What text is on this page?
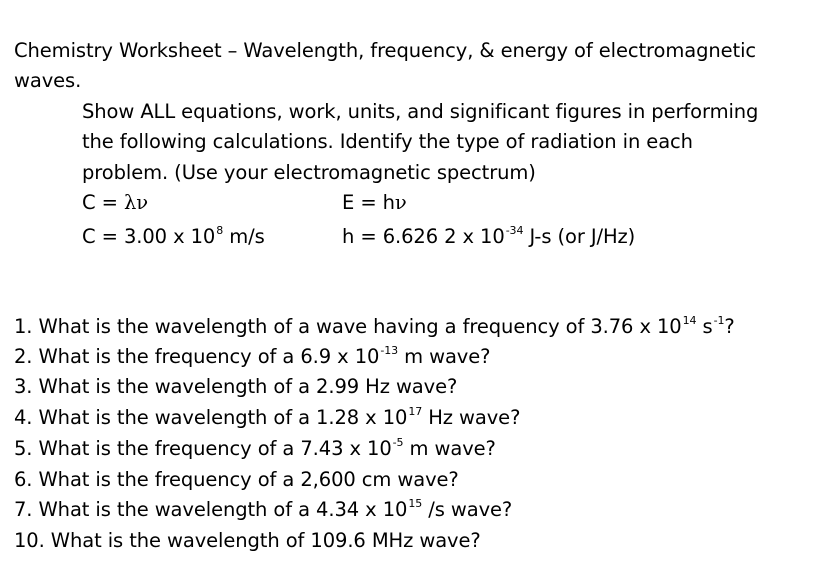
Chemistry Worksheet – Wavelength, frequency, & energy of electromagnetic
waves.
Show ALL equations, work, units, and significant figures in performing
the following calculations. Identify the type of radiation in each
problem. (Use your electromagnetic spectrum)
C = λν	E = hν
C = 3.00 x $10^8$ m/s	h = 6.626 2 x $10^{-34}$ J-s (or J/Hz)
1. What is the wavelength of a wave having a frequency of 3.76 x $10^{14}$ $s^{-1}$?
2. What is the frequency of a 6.9 x $10^{-13}$ m wave?
3. What is the wavelength of a 2.99 Hz wave?
4. What is the wavelength of a 1.28 x $10^{17}$ Hz wave?
5. What is the frequency of a 7.43 x $10^{-5}$ m wave?
6. What is the frequency of a 2,600 cm wave?
7. What is the wavelength of a 4.34 x $10^{15}$ /s wave?
10. What is the wavelength of 109.6 MHz wave?
